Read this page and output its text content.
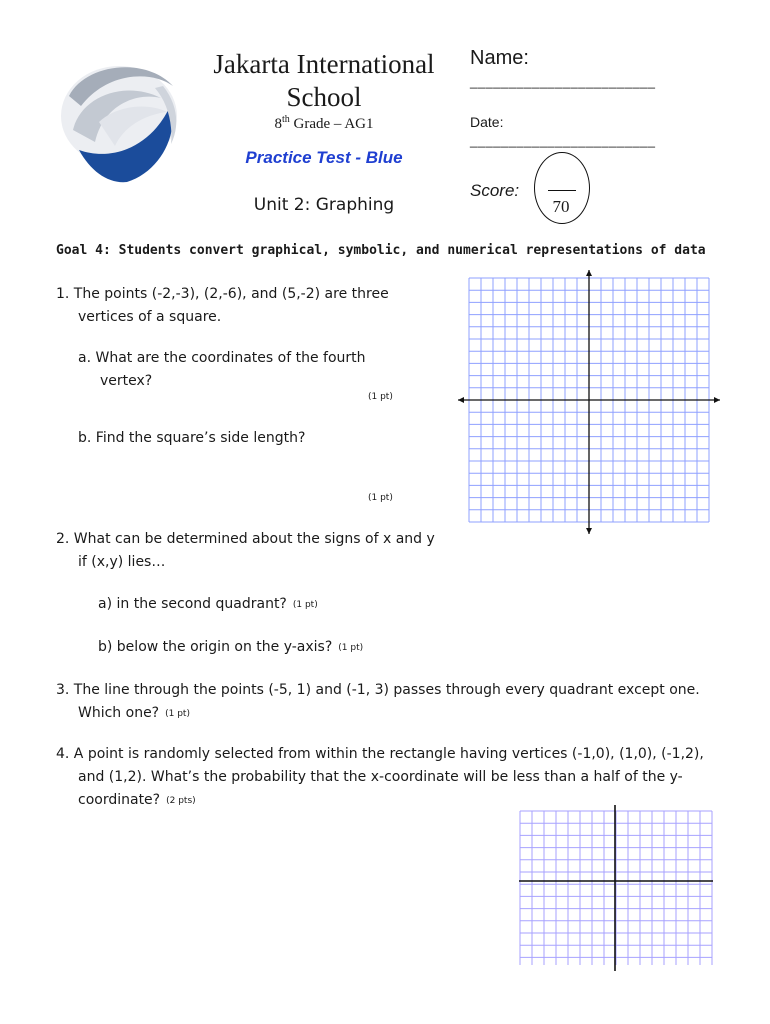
Jakarta International
School
8th Grade – AG1
Practice Test - Blue
Unit 2: Graphing
Name:
________________________
Date:
________________________
Score:
70
Goal 4: Students convert graphical, symbolic, and numerical representations of data
1. The points (-2,-3), (2,-6), and (5,-2) are three
vertices of a square.
a. What are the coordinates of the fourth
vertex?
(1 pt)
b. Find the square’s side length?
(1 pt)
2. What can be determined about the signs of x and y
if (x,y) lies…
a) in the second quadrant? (1 pt)
b) below the origin on the y-axis? (1 pt)
3. The line through the points (-5, 1) and (-1, 3) passes through every quadrant except one.
Which one? (1 pt)
4. A point is randomly selected from within the rectangle having vertices (-1,0), (1,0), (-1,2),
and (1,2). What’s the probability that the x-coordinate will be less than a half of the y-
coordinate? (2 pts)
